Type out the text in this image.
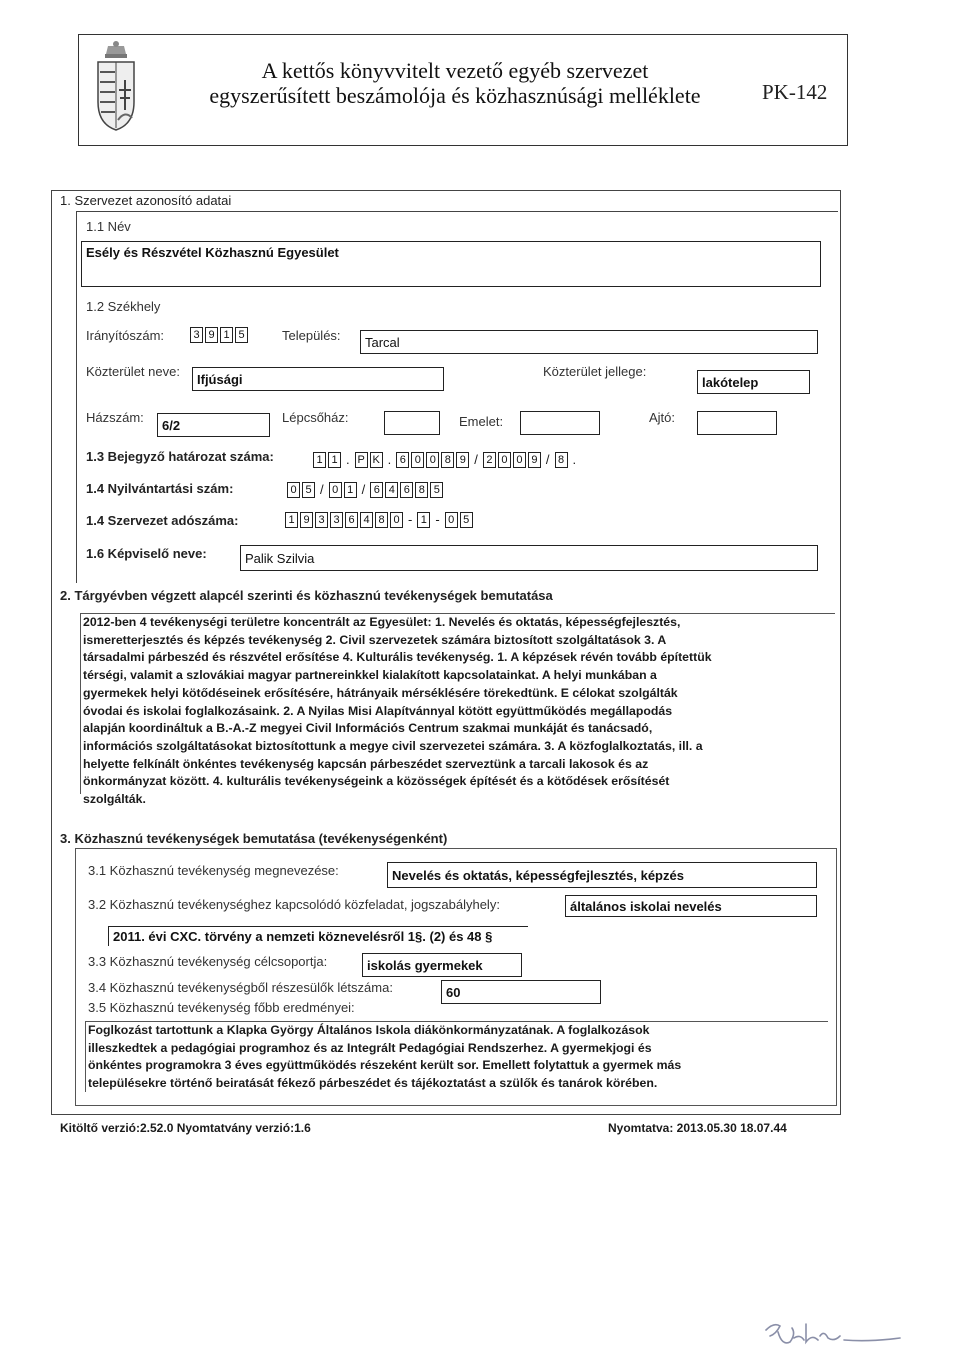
A kettős könyvvitelt vezető egyéb szervezet
egyszerűsített beszámolója és közhasznúsági melléklete	PK-142
1. Szervezet azonosító adatai
1.1 Név
Esély és Részvétel Közhasznú Egyesület
1.2 Székhely
Irányítószám:	3 9 1 5	Település:	Tarcal
Közterület neve:
Ifjúsági
Közterület jellege:
lakótelep
Házszám:
6/2
Lépcsőház:	Emelet:	Ajtó:
1.3 Bejegyző határozat száma:	1 1 . P K . 6 0 0 8 9 / 2 0 0 9 / 8 .
1.4 Nyilvántartási szám:	0 5 / 0 1 / 6 4 6 8 5
1.4 Szervezet adószáma:	1 9 3 3 6 4 8 0 - 1 - 0 5
1.6 Képviselő neve:	Palik Szilvia
2. Tárgyévben végzett alapcél szerinti és közhasznú tevékenységek bemutatása
2012-ben 4 tevékenységi területre koncentrált az Egyesület: 1. Nevelés és oktatás, képességfejlesztés,
ismeretterjesztés és képzés tevékenység 2. Civil szervezetek számára biztosított szolgáltatások 3. A
társadalmi párbeszéd és részvétel erősítése 4. Kulturális tevékenység. 1. A képzések révén tovább építettük
térségi, valamit a szlovákiai magyar partnereinkkel kialakított kapcsolatainkat. A helyi munkában a
gyermekek helyi kötődéseinek erősítésére, hátrányaik mérséklésére törekedtünk. E célokat szolgálták
óvodai és iskolai foglalkozásaink. 2. A Nyilas Misi Alapítvánnyal kötött együttműködés megállapodás
alapján koordináltuk a B.-A.-Z megyei Civil Információs Centrum szakmai munkáját és tanácsadó,
információs szolgáltatásokat biztosítottunk a megye civil szervezetei számára. 3. A közfoglalkoztatás, ill. a
helyette felkínált önkéntes tevékenység kapcsán párbeszédet szerveztünk a tarcali lakosok és az
önkormányzat között. 4. kulturális tevékenységeink a közösségek építését és a kötődések erősítését
szolgálták.
3. Közhasznú tevékenységek bemutatása (tevékenységenként)
3.1 Közhasznú tevékenység megnevezése:	Nevelés és oktatás, képességfejlesztés, képzés
3.2 Közhasznú tevékenységhez kapcsolódó közfeladat, jogszabályhely:	általános iskolai nevelés
2011. évi CXC. törvény a nemzeti köznevelésről 1§. (2) és 48 §
3.3 Közhasznú tevékenység célcsoportja:	iskolás gyermekek
3.4 Közhasznú tevékenységből részesülők létszáma:	60
3.5 Közhasznú tevékenység főbb eredményei:
Foglkozást tartottunk a Klapka György Általános Iskola diákönkormányzatának. A foglalkozások
illeszkedtek a pedagógiai programhoz és az Integrált Pedagógiai Rendszerhez. A gyermekjogi és
önkéntes programokra 3 éves együttműködés részeként került sor. Emellett folytattuk a gyermek más
településekre történő beiratását fékező párbeszédet és tájékoztatást a szülők és tanárok körében.
Kitöltő verzió:2.52.0 Nyomtatvány verzió:1.6	Nyomtatva: 2013.05.30 18.07.44
